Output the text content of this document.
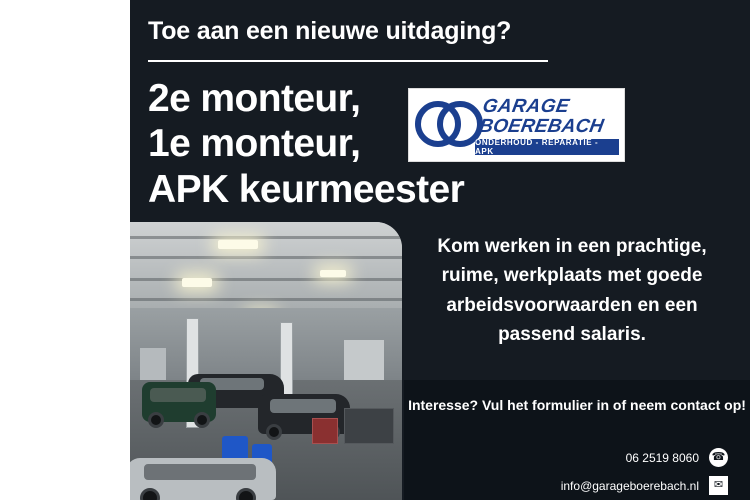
Toe aan een nieuwe uitdaging?
2e monteur,
1e monteur,
APK keurmeester
GARAGE
BOEREBACH
ONDERHOUD - REPARATIE - APK
Kom werken in een prachtige, ruime, werkplaats met goede arbeidsvoorwaarden en een passend salaris.
Interesse? Vul het formulier in of neem contact op!
06 2519 8060 ☎
info@garageboerebach.nl	✉
